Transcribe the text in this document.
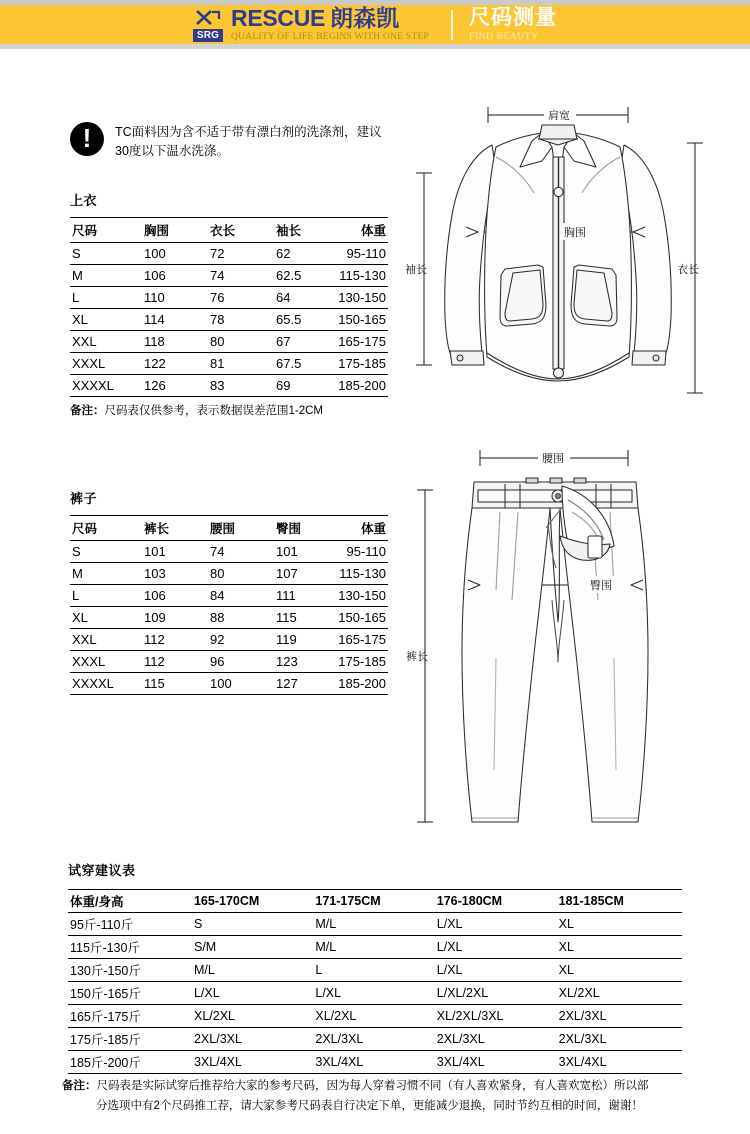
SRG
RESCUE 朗森凯
QUALITY OF LIFE BEGINS WITH ONE STEP
尺码测量
FIND BEAUTY
!	TC面料因为含不适于带有漂白剂的洗涤剂，建议30度以下温水洗涤。
上衣
尺码	胸围	衣长	袖长	体重
S	100	72	62	95-110
M	106	74	62.5	115-130
L	110	76	64	130-150
XL	114	78	65.5	150-165
XXL	118	80	67	165-175
XXXL	122	81	67.5	175-185
XXXXL	126	83	69	185-200
备注：尺码表仅供参考，表示数据误差范围1-2CM
裤子
尺码	裤长	腰围	臀围	体重
S	101	74	101	95-110
M	103	80	107	115-130
L	106	84	111	130-150
XL	109	88	115	150-165
XXL	112	92	119	165-175
XXXL	112	96	123	175-185
XXXXL	115	100	127	185-200
肩宽
胸围
袖长	衣长
腰围
臀围
裤长
试穿建议表
体重/身高	165-170CM	171-175CM	176-180CM	181-185CM
95斤-110斤	S	M/L	L/XL	XL
115斤-130斤	S/M	M/L	L/XL	XL
130斤-150斤	M/L	L	L/XL	XL
150斤-165斤	L/XL	L/XL	L/XL/2XL	XL/2XL
165斤-175斤	XL/2XL	XL/2XL	XL/2XL/3XL	2XL/3XL
175斤-185斤	2XL/3XL	2XL/3XL	2XL/3XL	2XL/3XL
185斤-200斤	3XL/4XL	3XL/4XL	3XL/4XL	3XL/4XL
备注：尺码表是实际试穿后推荐给大家的参考尺码，因为每人穿着习惯不同（有人喜欢紧身，有人喜欢宽松）所以部
分选项中有2个尺码推工荐，请大家参考尺码表自行决定下单，更能减少退换，同时节约互相的时间，谢谢！
